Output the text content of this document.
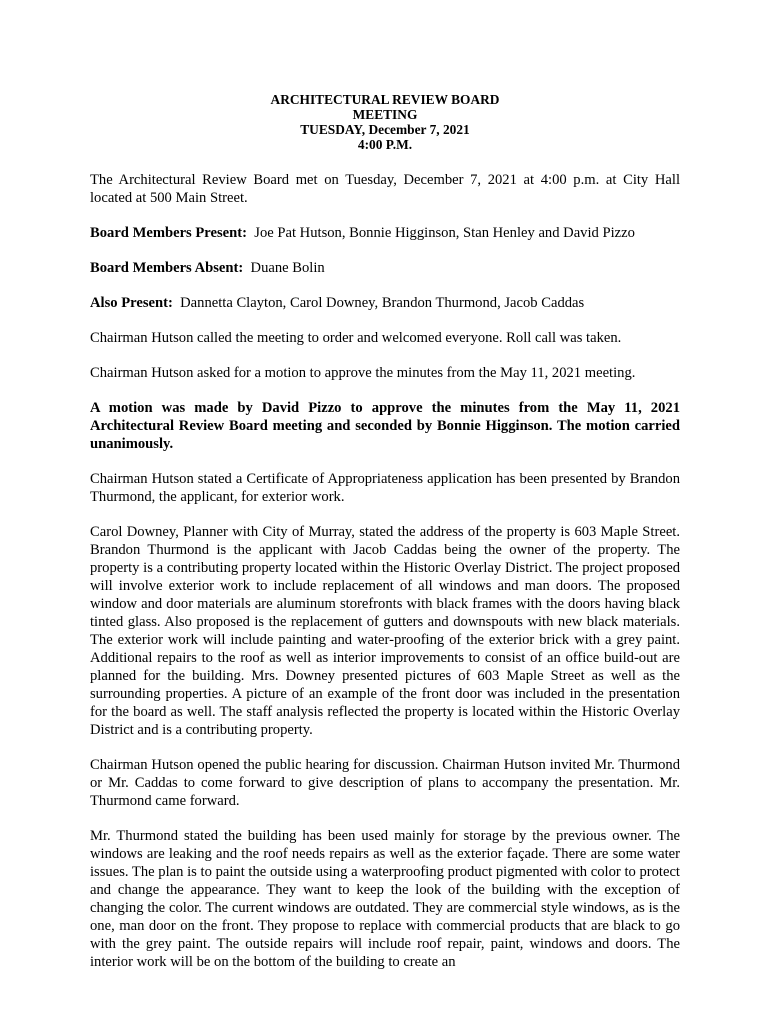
ARCHITECTURAL REVIEW BOARD
MEETING
TUESDAY, December 7, 2021
4:00 P.M.

The Architectural Review Board met on Tuesday, December 7, 2021 at 4:00 p.m. at City Hall located at 500 Main Street.

Board Members Present: Joe Pat Hutson, Bonnie Higginson, Stan Henley and David Pizzo

Board Members Absent: Duane Bolin

Also Present: Dannetta Clayton, Carol Downey, Brandon Thurmond, Jacob Caddas

Chairman Hutson called the meeting to order and welcomed everyone. Roll call was taken.

Chairman Hutson asked for a motion to approve the minutes from the May 11, 2021 meeting.

A motion was made by David Pizzo to approve the minutes from the May 11, 2021 Architectural Review Board meeting and seconded by Bonnie Higginson. The motion carried unanimously.

Chairman Hutson stated a Certificate of Appropriateness application has been presented by Brandon Thurmond, the applicant, for exterior work.

Carol Downey, Planner with City of Murray, stated the address of the property is 603 Maple Street. Brandon Thurmond is the applicant with Jacob Caddas being the owner of the property. The property is a contributing property located within the Historic Overlay District. The project proposed will involve exterior work to include replacement of all windows and man doors. The proposed window and door materials are aluminum storefronts with black frames with the doors having black tinted glass. Also proposed is the replacement of gutters and downspouts with new black materials. The exterior work will include painting and water-proofing of the exterior brick with a grey paint. Additional repairs to the roof as well as interior improvements to consist of an office build-out are planned for the building. Mrs. Downey presented pictures of 603 Maple Street as well as the surrounding properties. A picture of an example of the front door was included in the presentation for the board as well. The staff analysis reflected the property is located within the Historic Overlay District and is a contributing property.

Chairman Hutson opened the public hearing for discussion. Chairman Hutson invited Mr. Thurmond or Mr. Caddas to come forward to give description of plans to accompany the presentation. Mr. Thurmond came forward.

Mr. Thurmond stated the building has been used mainly for storage by the previous owner. The windows are leaking and the roof needs repairs as well as the exterior façade. There are some water issues. The plan is to paint the outside using a waterproofing product pigmented with color to protect and change the appearance. They want to keep the look of the building with the exception of changing the color. The current windows are outdated. They are commercial style windows, as is the one, man door on the front. They propose to replace with commercial products that are black to go with the grey paint. The outside repairs will include roof repair, paint, windows and doors. The interior work will be on the bottom of the building to create an
